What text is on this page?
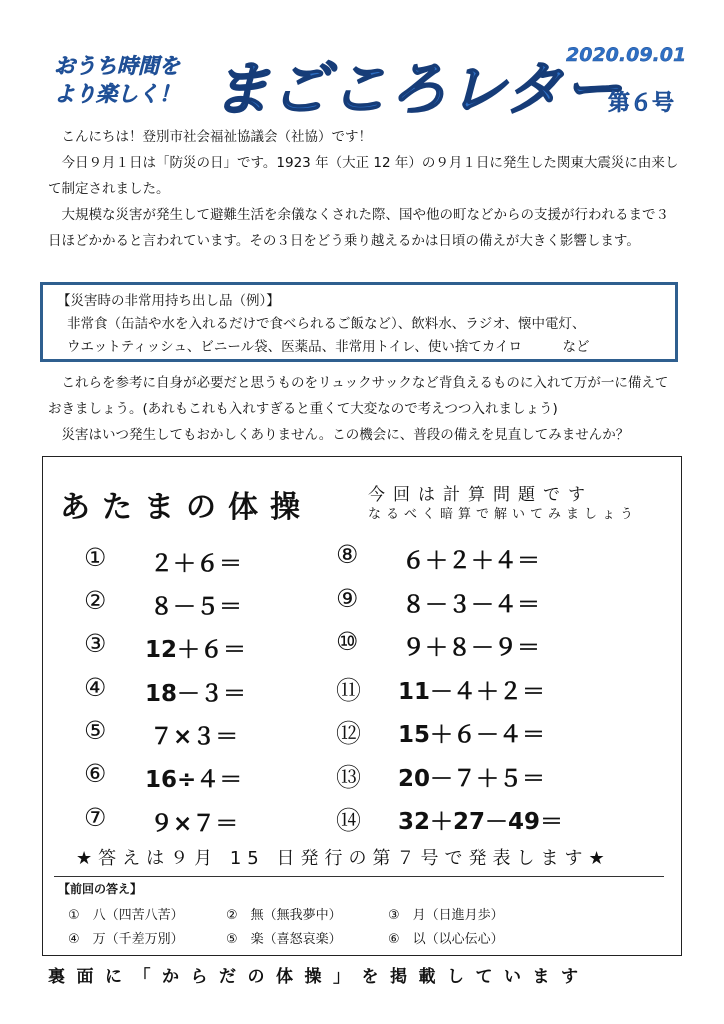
おうち時間を
より楽しく！ まごころレター
2020.09.01
第６号

こんにちは！登別市社会福祉協議会（社協）です！

今日９月１日は「防災の日」です。1923 年（大正 12 年）の９月１日に発生した関東大震災に由来して制定されました。

大規模な災害が発生して避難生活を余儀なくされた際、国や他の町などからの支援が行われるまで３日ほどかかると言われています。その３日をどう乗り越えるかは日頃の備えが大きく影響します。

【災害時の非常用持ち出し品（例）】

非常食（缶詰や水を入れるだけで食べられるご飯など）、飲料水、ラジオ、懐中電灯、

ウエットティッシュ、ビニール袋、医薬品、非常用トイレ、使い捨てカイロ　　　など

これらを参考に自身が必要だと思うものをリュックサックなど背負えるものに入れて万が一に備えておきましょう。(あれもこれも入れすぎると重くて大変なので考えつつ入れましょう)

災害はいつ発生してもおかしくありません。この機会に、普段の備えを見直してみませんか？

あたまの体操	今回は計算問題です
なるべく暗算で解いてみましょう
① ２＋６＝
② ８－５＝
③ 12＋６＝
④ 18－３＝
⑤ ７×３＝
⑥ 16÷４＝
⑦ ９×７＝
⑧ ６＋２＋４＝
⑨ ８－３－４＝
⑩ ９＋８－９＝
⑪ 11－４＋２＝
⑫ 15＋６－４＝
⑬ 20－７＋５＝
⑭ 32＋27－49＝
★答えは９月 15 日発行の第７号で発表します★
【前回の答え】
①　八（四苦八苦）	②　無（無我夢中）	③　月（日進月歩）
④　万（千差万別）	⑤　楽（喜怒哀楽）	⑥　以（以心伝心）
裏面に「からだの体操」を掲載しています
